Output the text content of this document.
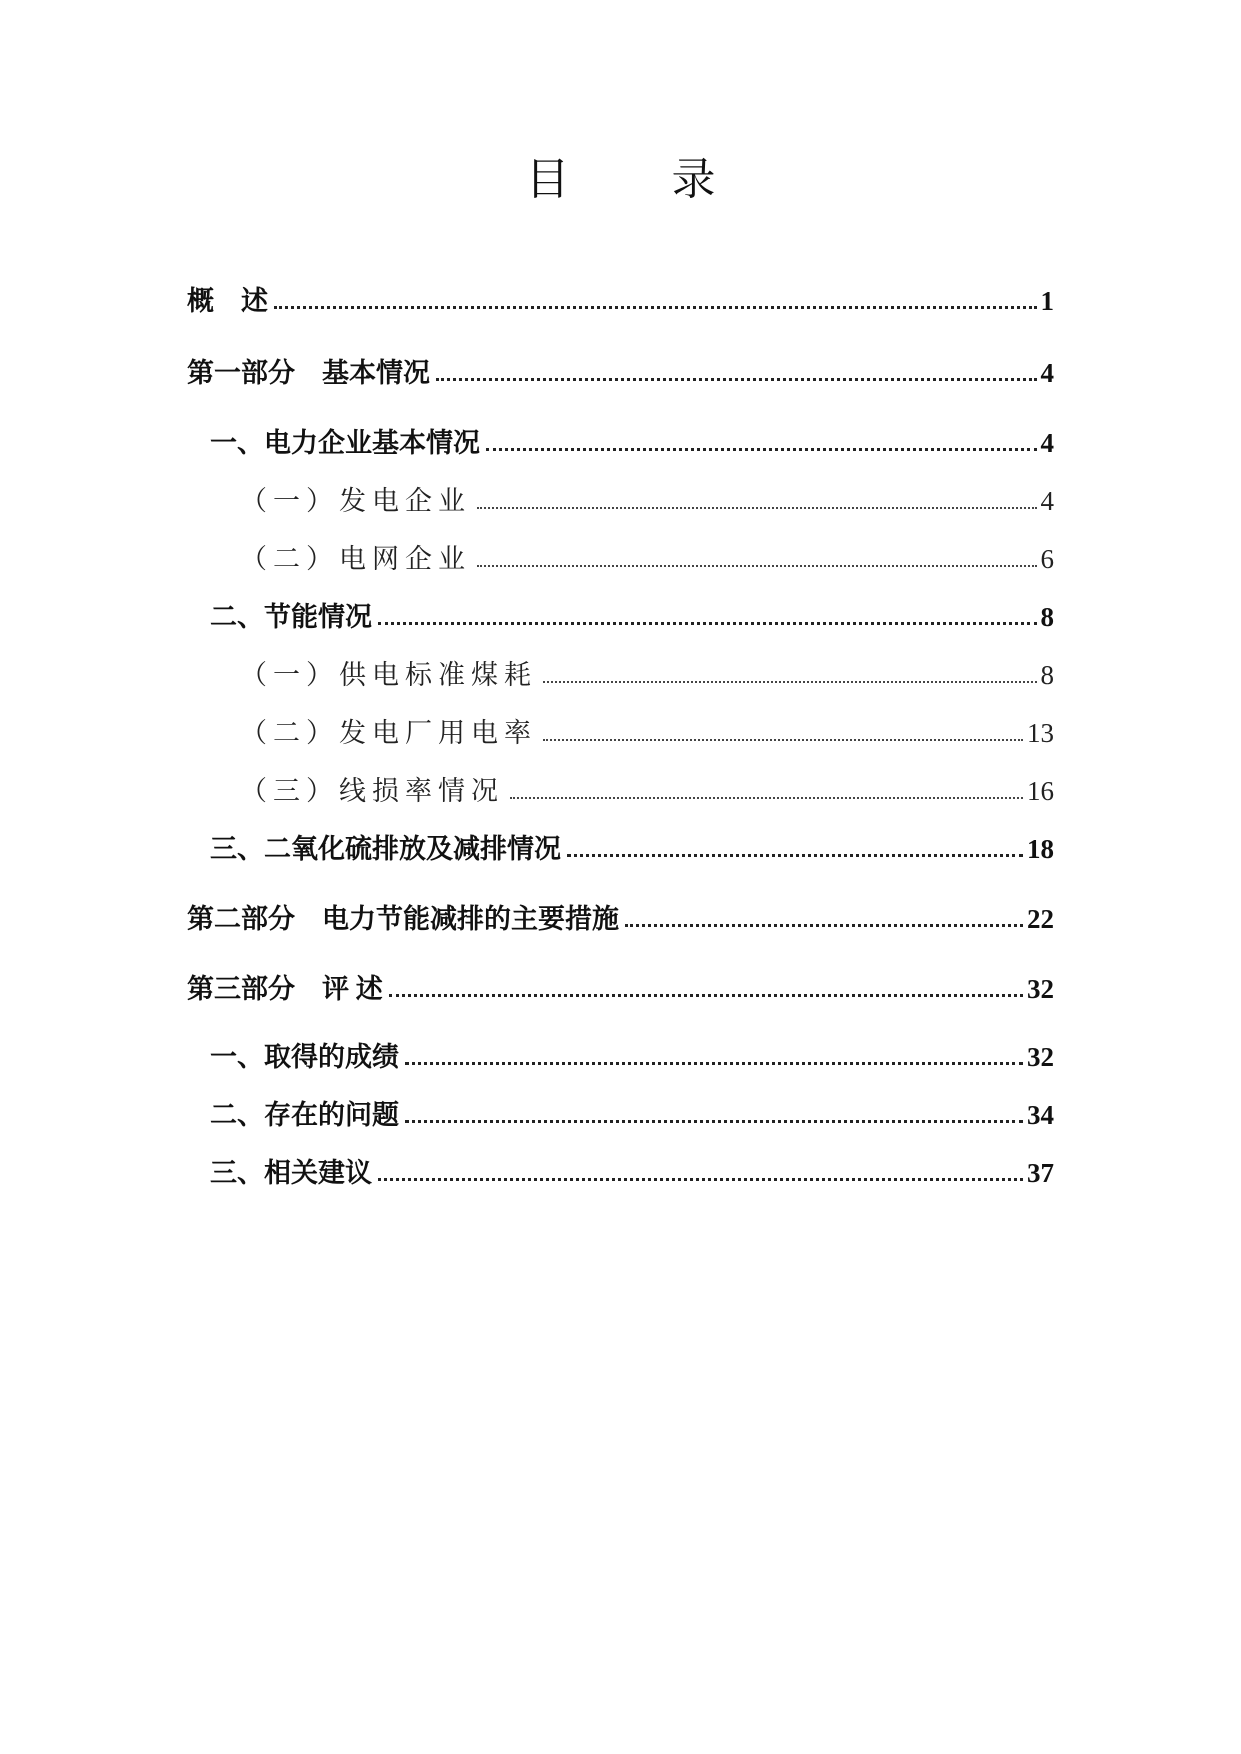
目 录
概　述	1
第一部分　基本情况	4
一、电力企业基本情况	4
（一）发电企业	4
（二）电网企业	6
二、节能情况	8
（一）供电标准煤耗	8
（二）发电厂用电率	13
（三）线损率情况	16
三、二氧化硫排放及减排情况	18
第二部分　电力节能减排的主要措施	22
第三部分　评 述	32
一、取得的成绩	32
二、存在的问题	34
三、相关建议	37
